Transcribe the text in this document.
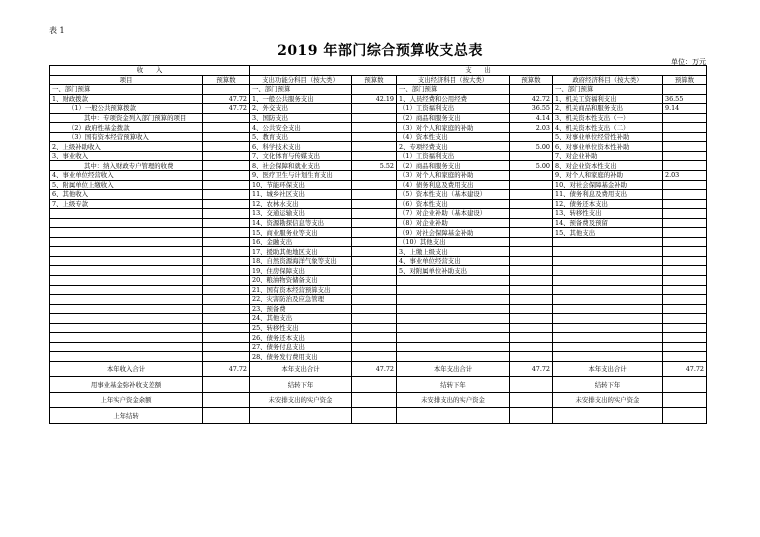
表 1
2019 年部门综合预算收支总表
单位：万元
收　　入		支　　出					
项目	预算数	支出功能分科目（按大类）	预算数	支出经济科目（按大类）	预算数	政府经济科目（按大类）	预算数
一、部门预算		一、部门预算		一、部门预算		一、部门预算	
1、财政拨款	47.72	1、一般公共服务支出	42.19	1、人员经费和公用经费	42.72	1、机关工资福利支出	36.55
（1）一般公共预算拨款	47.72	2、外交支出		（1）工资福利支出	36.55	2、机关商品和服务支出	9.14
其中：专项资金列入部门预算的项目		3、国防支出		（2）商品和服务支出	4.14	3、机关资本性支出（一）	
（2）政府性基金拨款		4、公共安全支出		（3）对个人和家庭的补助	2.03	4、机关资本性支出（二）	
（3）国有资本经营预算收入		5、教育支出		（4）资本性支出		5、对事业单位经常性补助	
2、上级补助收入		6、科学技术支出		2、专项经费支出	5.00	6、对事业单位资本性补助	
3、事业收入		7、文化体育与传媒支出		（1）工资福利支出		7、对企业补助	
其中：纳入财政专户管理的收费		8、社会保障和就业支出	5.52	（2）商品和服务支出	5.00	8、对企业资本性支出	
4、事业单位经营收入		9、医疗卫生与计划生育支出		（3）对个人和家庭的补助		9、对个人和家庭的补助	2.03
5、附属单位上缴收入		10、节能环保支出		（4）债务利息及费用支出		10、对社会保障基金补助	
6、其他收入		11、城乡社区支出		（5）资本性支出（基本建设）		11、债务利息及费用支出	
7、上级专款		12、农林水支出		（6）资本性支出		12、债务还本支出	
		13、交通运输支出		（7）对企业补助（基本建设）		13、转移性支出	
		14、资源勘探信息等支出		（8）对企业补助		14、预备费及预留	
		15、商业服务业等支出		（9）对社会保障基金补助		15、其他支出	
		16、金融支出		（10）其他支出			
		17、援助其他地区支出		3、上缴上级支出			
		18、自然资源海洋气象等支出		4、事业单位经营支出			
		19、住房保障支出		5、对附属单位补助支出			
		20、粮油物资储备支出					
		21、国有资本经营预算支出					
		22、灾害防治及应急管理					
		23、预备费					
		24、其他支出					
		25、转移性支出					
		26、债务还本支出					
		27、债务付息支出					
		28、债务发行费用支出					
本年收入合计	47.72	本年支出合计	47.72	本年支出合计	47.72	本年支出合计	47.72
用事业基金弥补收支差额		结转下年		结转下年		结转下年	
上年实户资金余额		未安排支出的实户资金		未安排支出的实户资金		未安排支出的实户资金	
上年结转							
